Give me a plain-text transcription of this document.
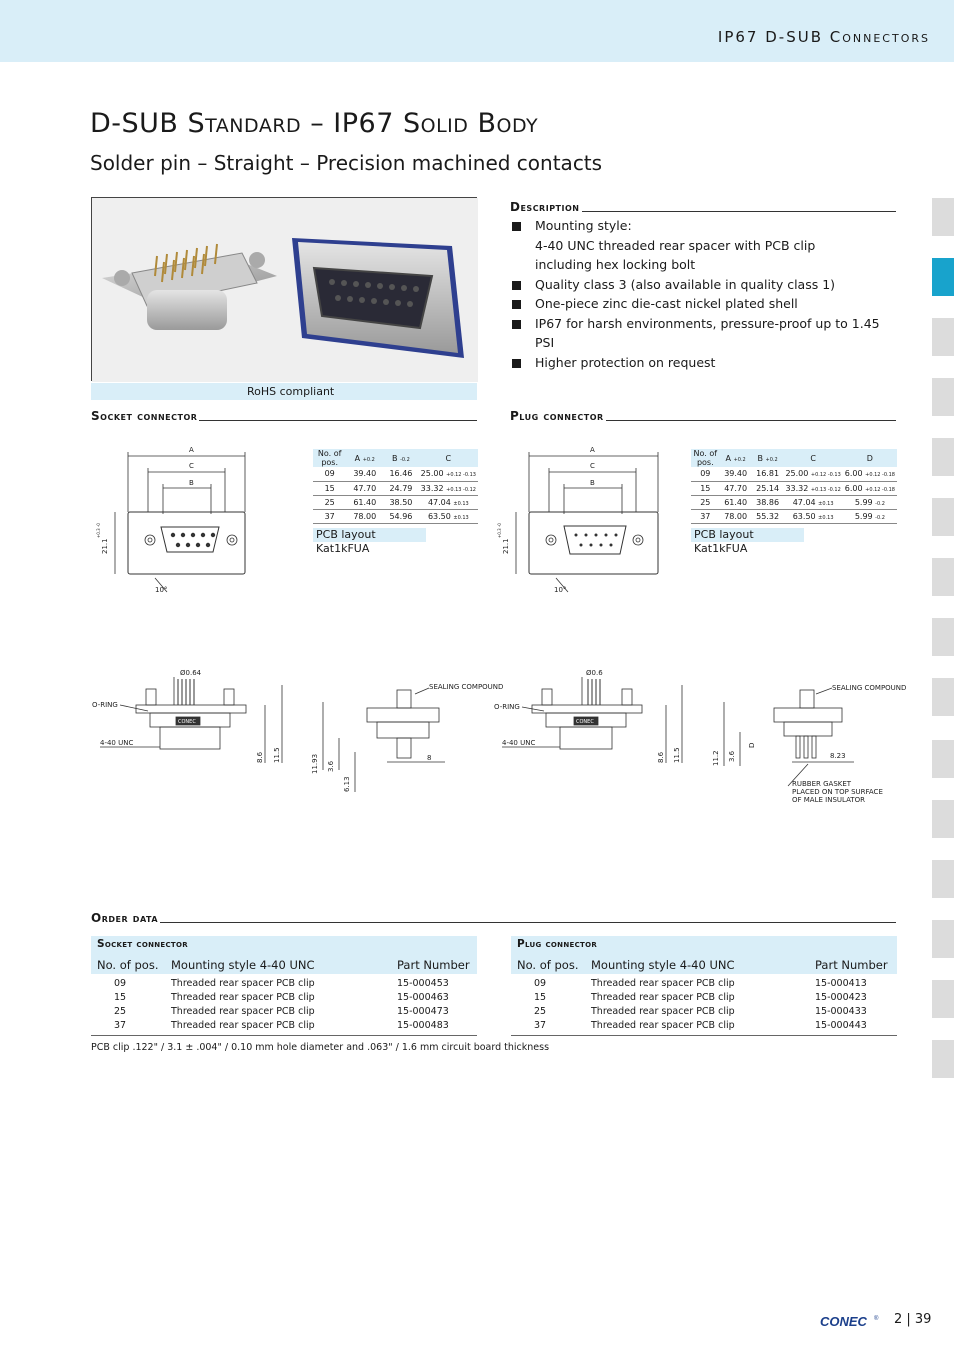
IP67 D-SUB Connectors
D-SUB Standard – IP67 Solid Body
Solder pin – Straight – Precision machined contacts
RoHS compliant
Description
Mounting style:
4-40 UNC threaded rear spacer with PCB clip
including hex locking bolt
Quality class 3 (also available in quality class 1)
One-piece zinc die-cast nickel plated shell
IP67 for harsh environments, pressure-proof up to 1.45 PSI
Higher protection on request
Socket connector	Plug connector
A
C
B
21.1
+0.3 -0
10°
No. of pos.	A +0.2	B -0.2	C
09	39.40	16.46	25.00 +0.12 -0.13
15	47.70	24.79	33.32 +0.13 -0.12
25	61.40	38.50	47.04 ±0.13
37	78.00	54.96	63.50 ±0.13
PCB layout Kat1kFUA
A
C
B
21.1
+0.3 -0
10°
No. of pos.	A +0.2	B +0.2	C	D
09	39.40	16.81	25.00 +0.12 -0.13	6.00 +0.12 -0.18
15	47.70	25.14	33.32 +0.13 -0.12	6.00 +0.12 -0.18
25	61.40	38.86	47.04 ±0.13	5.99 -0.2
37	78.00	55.32	63.50 ±0.13	5.99 -0.2
PCB layout Kat1kFUA
Ø0.64
CONEC
O-RING
4-40 UNC
8.6 11.5
SEALING COMPOUND
8
11.93 3.6
6.13
Ø0.6
CONEC
O-RING
4-40 UNC
8.6 11.5
SEALING COMPOUND
8.23
11.2 3.6
D
RUBBER GASKET
PLACED ON TOP SURFACE
OF MALE INSULATOR
Order data
Socket connector
No. of pos. Mounting style 4-40 UNC	Part Number
09	Threaded rear spacer PCB clip	15-000453
15	Threaded rear spacer PCB clip	15-000463
25	Threaded rear spacer PCB clip	15-000473
37	Threaded rear spacer PCB clip	15-000483
Plug connector
No. of pos. Mounting style 4-40 UNC	Part Number
09	Threaded rear spacer PCB clip	15-000413
15	Threaded rear spacer PCB clip	15-000423
25	Threaded rear spacer PCB clip	15-000433
37	Threaded rear spacer PCB clip	15-000443
PCB clip .122" / 3.1 ± .004" / 0.10 mm hole diameter and .063" / 1.6 mm circuit board thickness
CONEC ® 2 | 39
